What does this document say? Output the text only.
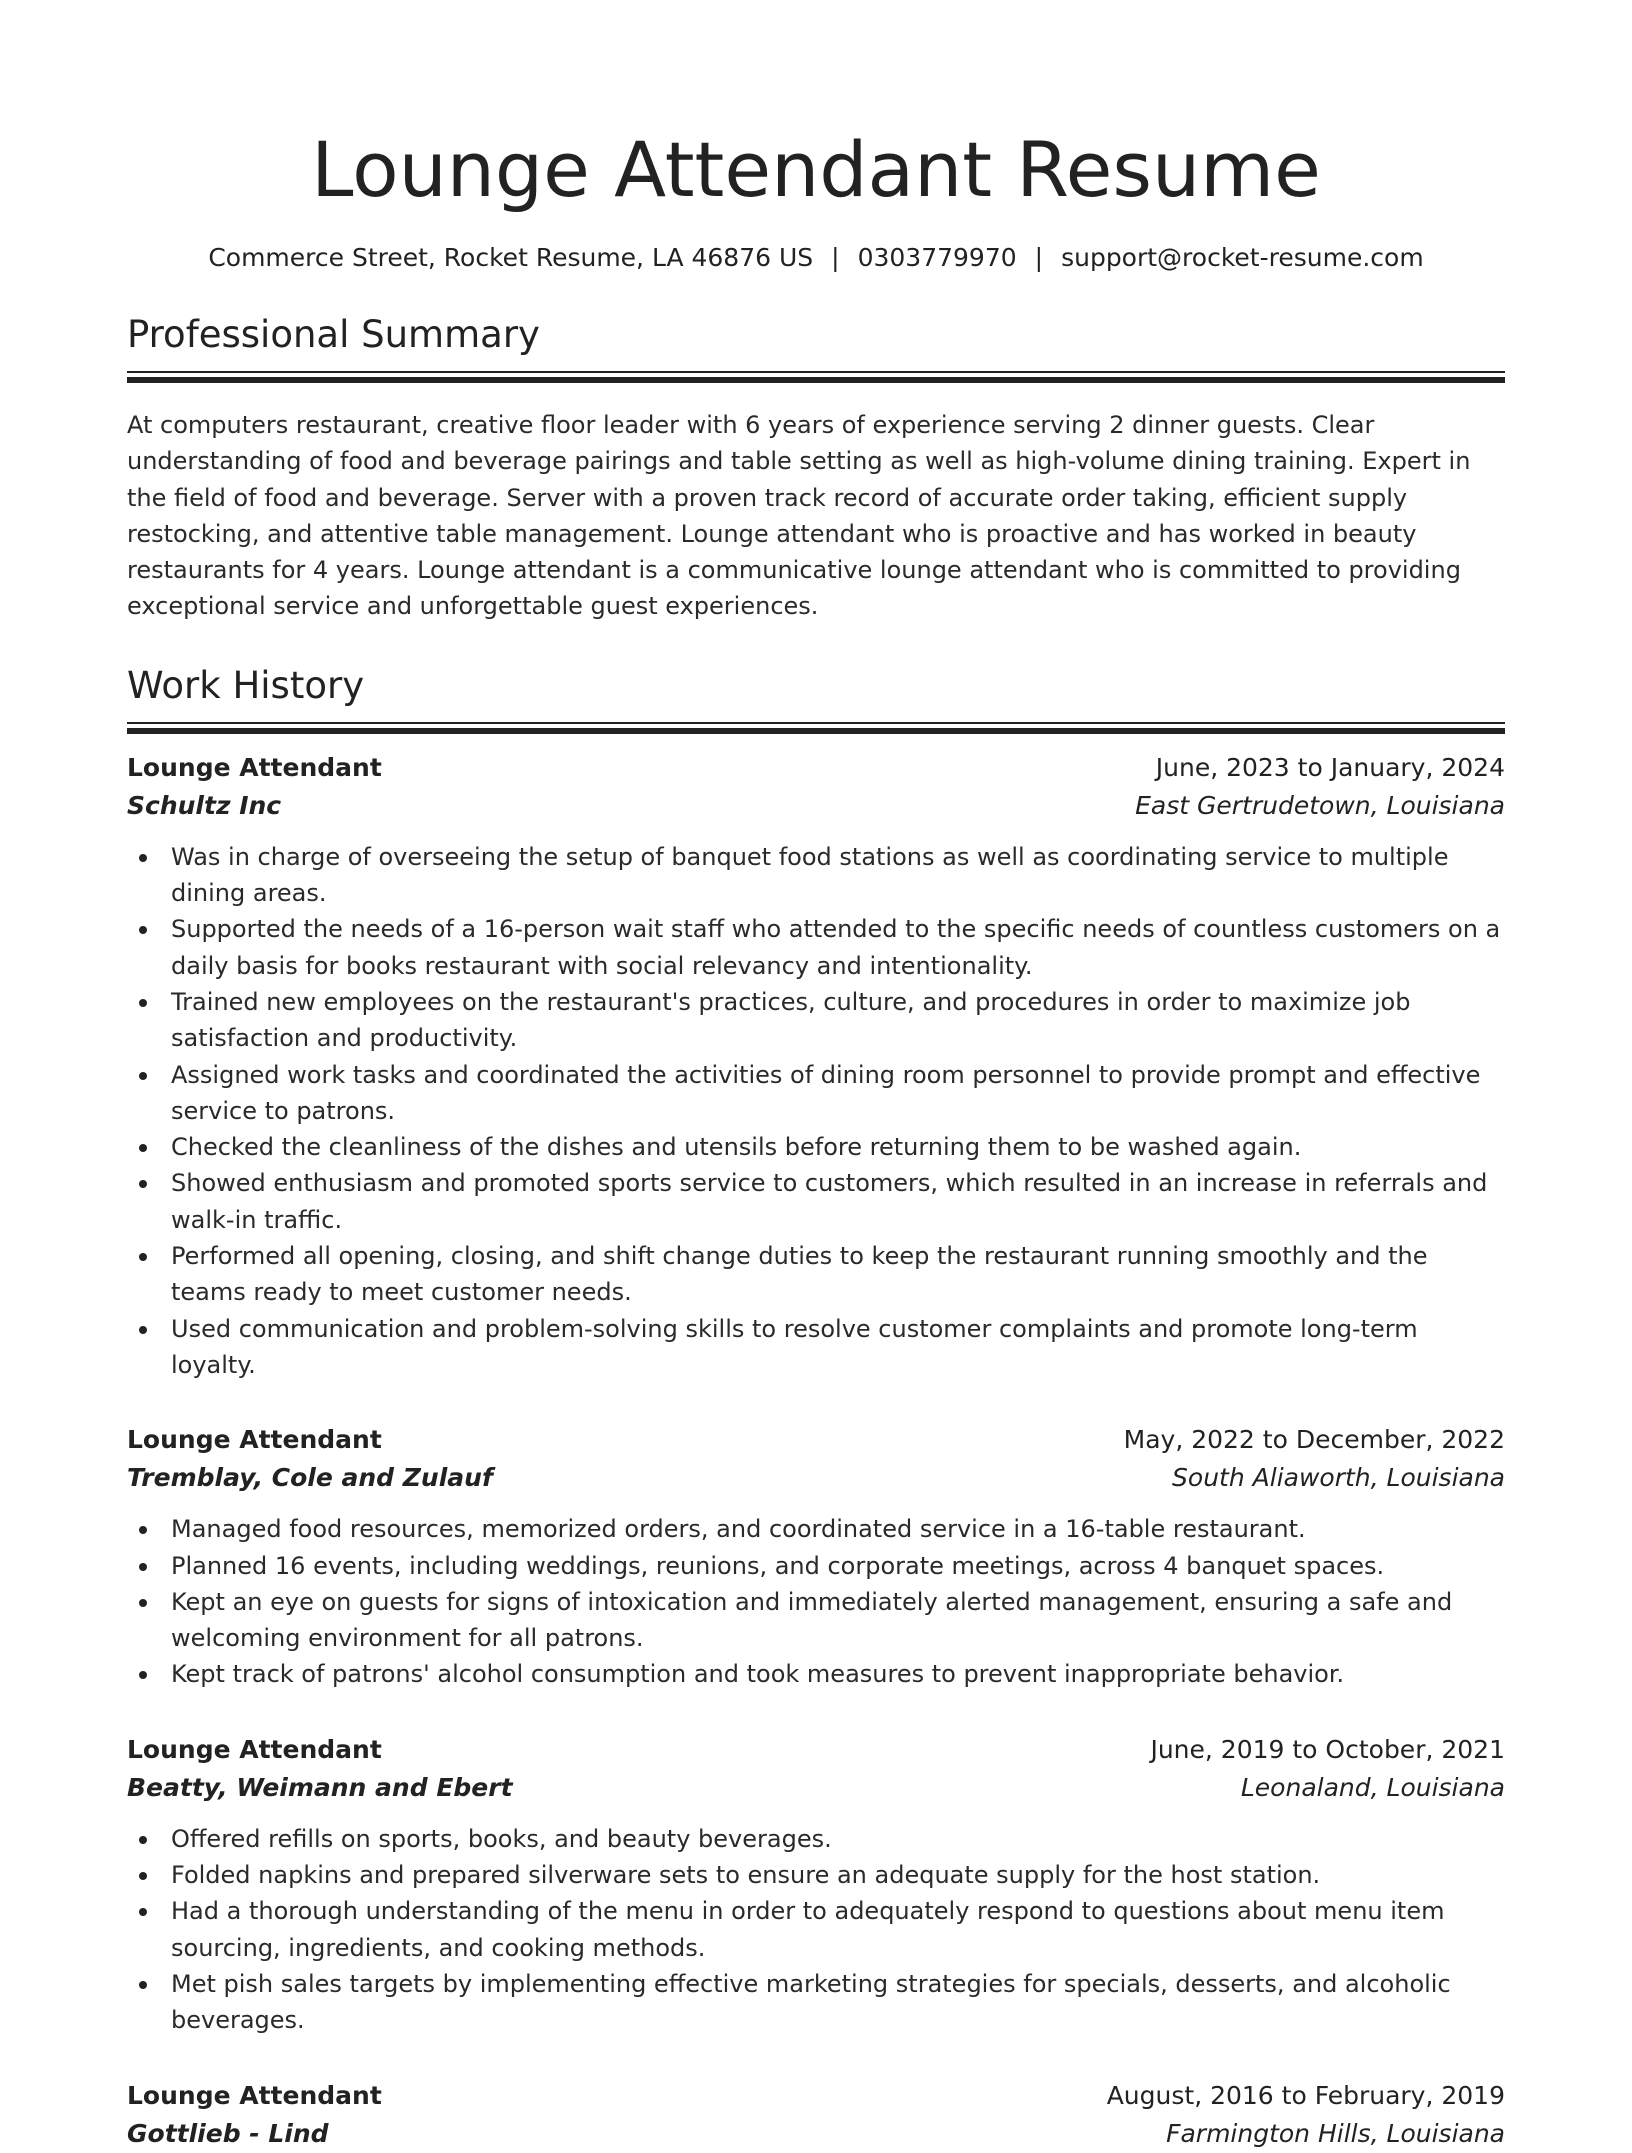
Lounge Attendant Resume
Commerce Street, Rocket Resume, LA 46876 US | 0303779970 | support@rocket-resume.com
Professional Summary

At computers restaurant, creative floor leader with 6 years of experience serving 2 dinner guests. Clear understanding of food and beverage pairings and table setting as well as high-volume dining training. Expert in the field of food and beverage. Server with a proven track record of accurate order taking, efficient supply restocking, and attentive table management. Lounge attendant who is proactive and has worked in beauty restaurants for 4 years. Lounge attendant is a communicative lounge attendant who is committed to providing exceptional service and unforgettable guest experiences.

Work History
Lounge Attendant	June, 2023 to January, 2024
Schultz Inc	East Gertrudetown, Louisiana
Was in charge of overseeing the setup of banquet food stations as well as coordinating service to multiple dining areas.
Supported the needs of a 16-person wait staff who attended to the specific needs of countless customers on a daily basis for books restaurant with social relevancy and intentionality.
Trained new employees on the restaurant's practices, culture, and procedures in order to maximize job satisfaction and productivity.
Assigned work tasks and coordinated the activities of dining room personnel to provide prompt and effective service to patrons.
Checked the cleanliness of the dishes and utensils before returning them to be washed again.
Showed enthusiasm and promoted sports service to customers, which resulted in an increase in referrals and walk-in traffic.
Performed all opening, closing, and shift change duties to keep the restaurant running smoothly and the teams ready to meet customer needs.
Used communication and problem-solving skills to resolve customer complaints and promote long-term loyalty.
Lounge Attendant	May, 2022 to December, 2022
Tremblay, Cole and Zulauf	South Aliaworth, Louisiana
Managed food resources, memorized orders, and coordinated service in a 16-table restaurant.
Planned 16 events, including weddings, reunions, and corporate meetings, across 4 banquet spaces.
Kept an eye on guests for signs of intoxication and immediately alerted management, ensuring a safe and welcoming environment for all patrons.
Kept track of patrons' alcohol consumption and took measures to prevent inappropriate behavior.
Lounge Attendant	June, 2019 to October, 2021
Beatty, Weimann and Ebert	Leonaland, Louisiana
Offered refills on sports, books, and beauty beverages.
Folded napkins and prepared silverware sets to ensure an adequate supply for the host station.
Had a thorough understanding of the menu in order to adequately respond to questions about menu item sourcing, ingredients, and cooking methods.
Met pish sales targets by implementing effective marketing strategies for specials, desserts, and alcoholic beverages.
Lounge Attendant	August, 2016 to February, 2019
Gottlieb - Lind	Farmington Hills, Louisiana
